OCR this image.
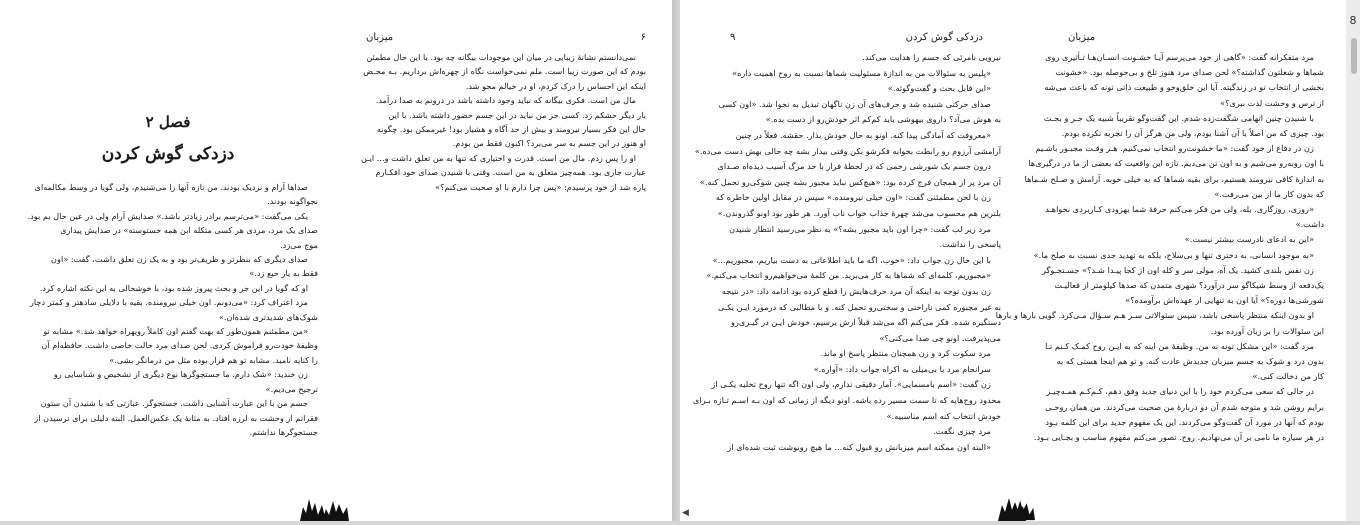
فصل ۲
دزدکی گوش کردن

صداها آرام و نزدیک بودند. من تازه آنها را می‌شنیدم، ولی گویا در وسط مکالمه‌ای

نجواگونه بودند.

یکی می‌گفت: «می‌ترسم برادر زیادتر باشد.» صدایش آرام ولی در عین حال بم بود.

صدای یک مرد، مردی هر کسی متکله ابن همه خستوسته» در صدایش پیداری

موج می‌زد.

صدای دیگری که بنظرتر و ظریف‌تر بود و به یک زن تعلق داشت، گفت: «اون

فقط به یار حیع زد.»

او که گویا در این جر و بحث پیروز شده بود، با خوشحالی به این نکته اشاره کرد.

مرد اعتراف کرد: «می‌دونم. اون خیلی نیرومنده. بقیه با دلایلی سادهتر و کمتر دچار

شوک‌های شدیدتری شده‌ان.»

«من مطمئنم همون‌طور که بهت گفتم اون کاملاً رویهراه خواهد شد.» مشابه تو

وظیفهٔ خودت‌رو فراموش کردی. لحن صدای مرد حالت خاصی داشت. حافظه‌ام آن

را کنایه نامید. مشابه تو هم قرار بوده مثل من درمانگر بشی.»

زن خندید: «شک دارم. ما جستجوگرها نوع دیگری از تشخیص و شناسایی رو

ترجیح می‌دیم.»

جسم من با این عبارت آشنایی داشت. جستجوگر. عبارتی که با شنیدن آن ستون

فقراتم از وحشت به لرزه افتاد. به مثابهٔ یک عکس‌العمل. البته دلیلی برای ترسیدن از

جستجوگرها نداشتم.

میزبان	۶

نمی‌دانستم نشانهٔ زیبایی در میان این موجودات بیگانه چه بود. با این حال مطمئن

بودم که این صورت زیبا است. ملم نمی‌خواست نگاه از چهره‌اش برداریم. بـه محـض

اینکه این احساس را درک کردم، او در خیالم محو شد.

مال من است. فکری بیگانه که نباید وجود داشته باشد در درونم به صدا درآمد.

بار دیگر حشکم زد. کسی جز من نباید در این جسم حضور داشته باشد. با این

حال این فکر بسیار نیرومند و بیش از حد آگاه و هشیار بود! غیرممکن بود. چگونه

او هنوز در این جسم به سر می‌برد؟ اکنون فقط من بودم.

او را پس زدم. مال من است. قدرت و اختیاری که تنها به من تعلق داشت و... ایـن

عبارت جاری بود. همه‌چیز متعلق به من است. وقتی با شنیدن صدای خود افکـارم

پاره شد از خود پرسیدم: «پس چرا دارم با او صحبت می‌کنم؟»

۹	دزدکی گوش کردن

نیرویی نامرئی که جسم را هدایت می‌کند.

«پلیس به سئوالات من به اندازهٔ مسئولیت شماها نسبت به روح اهمیت داره»

«این قابل بحث و گفت‌وگوئه.»

صدای حرکتی شنیده شد و حرف‌های آن زن ناگهان تبدیل به نجوا شد. «اون کسی

به هوش می‌آد؟ داروی بیهوشی باید کم‌کم اثر خودش‌رو از دست بده.»

«معروفت که آمادگی پیدا کنه. اونو به حال خودش بذار. حقشه. فعلاً در چنین

آرامشی آرزوم رو رابطت بخوابه فکرشو بکن وقتی بیدار بشه چه حالی بهش دست می‌ده.»

درون جسم یک شورشی زخمی که در لحظهٔ فرار با حد مرگ آسیب دیده‌اه صـدای

آن مرد پر از همجان فرج کرده بود: «هیچ‌کس نباید مجبور بشه چنین شوکی‌رو تحمل کنه.»

زن با لحن مطمئنی گفت: «اون خیلی نیرومنده.» سپس در مقابل اولین خاطره که

بلترین هم محسوب می‌شد چهرهٔ جذاب خواب ناب آورد. هر طور بود اونو گذروندن.»

مرد زیر لب گفت: «چرا اون باید مجبور بشه؟» به نظر می‌رسید انتظار شنیدن

پاسخی را نداشت.

با این حال زن جواب داد: «خوب، اگه ما باید اطلاعاتی به دست بیاریم، مجبوریم...»

«مجبوریم، کلمه‌ای که شماها به کار می‌برید. من کلمهٔ می‌خواهیم‌رو انتخاب می‌کنم.»

زن بدون توجه به اینکه آن مرد حرف‌هایش را قطع کرده بود ادامه داد: «در نتیجه

به غیر مجبوره کمی ناراحتی و سختی‌رو تحمل کنه. و با مطالبی که درمورد ایـن یکـی

دستگیره شده. فکر می‌کنم اگه می‌شد قبلاً ارش برسیم، خودش ایـن در گیـری‌رو

می‌پذیرفت. اونو چی صدا می‌کنی؟»

مرد سکوت کرد و زن همچنان منتظر پاسخ او ماند.

سرانجام مرد با بی‌میلی به اکراه جواب داد: «آواره.»

زن گفت: «اسم بامسمایی». آمار دقیقی ندارم، ولی اون اگه تنها روح تخلیه یکـی از

محدود روح‌هایه که تا سمت مسیر رده باشه. اونو دیگه از زمانی که اون بـه اسـم تـازه بـرای

خودش انتخاب کنه اسم مناسبیه.»

مرد چیزی نگفت.

«البته اون ممکنه اسم میزبانش رو قبول کنه... ما هیچ رونوشت ثبت شده‌ای از

میزبان

مرد متفکرانه گفت: «گاهی از خود می‌پرسم آیـا خشـونت انسـان‌هـا تـأثیری روی

شماها و شغلتون گذاشته؟» لحن صدای مرد هنوز تلخ و بی‌حوصله بود. «خشونت

بخشی از انتخاب تو در زندگیته. آیا این خلق‌وخو و طبیعت ذاتی تونه که باعث می‌شه

از ترس و وحشت لذت ببری؟»

با شنیدن چنین اتهامی شگفت‌زده شدم. این گفت‌وگو تقریباً شبیه یک جـر و بحـث

بود. چیزی که من اصلاً با آن آشنا بودم، ولی من هرگز آن را تجربه نکرده بودم.

زن در دفاع از خود گفت: «ما خشونت‌رو انتخاب نمی‌کنیم. هـر وقـت مجبـور باشـیم

با اون روبه‌رو می‌شیم و به اون تن می‌دیم. تازه این واقعیت که بعضی از ما در درگیری‌ها

به اندازهٔ کافی نیرومند هستیم، برای بقیه شماها که به خیلی خوبه. آرامش و صـلح شـماها

که بدون کار ما از بین می‌رفت.»

«روزی، روزگاری. بله، ولی من فکر می‌کنم حرفهٔ شما بهزودی کـاربردی نخواهـد

داشت.»

«این به ادعای نادرست بیشتر نیست.»

«به موجود انسانی، به دختری تنها و بی‌سلاح، بلکه به تهدید جدی نسبت به صلح ما.»

زن نفس بلندی کشید. یک آه، مولی سر و کله اون از کجا پیـدا شـد؟» جسـتجـوگر

یک‌دفعه از وسط شیکاگو سر درآورد؟ شهری متمدن که صدها کیلومتر از فعالیـت

شورشی‌ها دوره؟» آیا اون به تنهایی از عهده‌اش برآومده؟»

او بدون اینکه منتظر پاسخی باشد، سپس سئوالاتی سـر هـم سـؤال مـی‌کرد. گویی بارها و بارها

این سئوالات را بر زبان آورده بود.

مرد گفت: «این مشکل تونه نه من. وظیفهٔ من اینه که به ایـن روح کمـک کـنم تـا

بدون درد و شوک به جسم میزبان جدیدش عادت کنه. و تو هم اینجا هستی که به

کار من دخالت کنی.»

در حالی که سعی می‌کردم خود را با این دنیای جدید وفق دهم، کـم‌کـم همـه‌چیـز

برایم روشن شد و متوجه شدم آن دو دربارهٔ من صحبت می‌کردند. من همان روحـی

بودم که آنها در مورد آن گفت‌وگو می‌کردند. این یک مفهوم جدید برای این کلمه بـود

در هر سیاره ما نامی بر آن می‌نهادیم. روح. تصور می‌کنم مفهوم مناسب و بجـایی بـود.

◀
8
